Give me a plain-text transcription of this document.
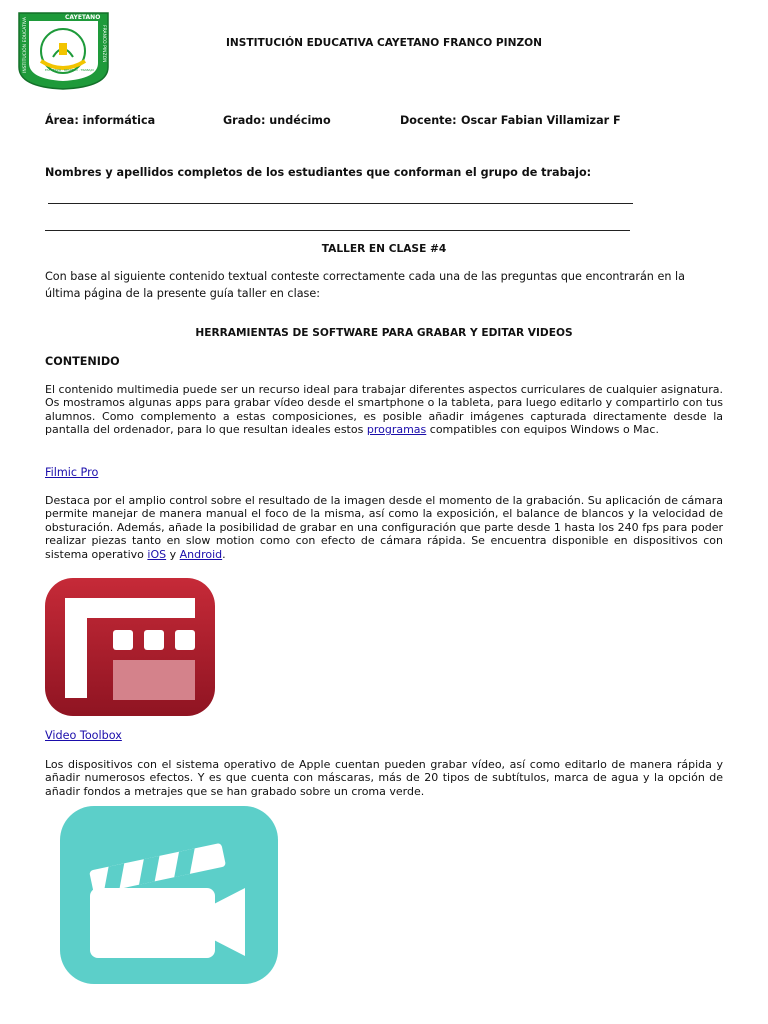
CAYETANO
SAN CALIXTO
INSTITUCIÓN EDUCATIVA	FRANCO PINZON
ESFUERZO · RESPETO · TRABAJO
INSTITUCIÓN EDUCATIVA CAYETANO FRANCO PINZON
Área: informática	Grado: undécimo	Docente: Oscar Fabian Villamizar F
Nombres y apellidos completos de los estudiantes que conforman el grupo de trabajo:
TALLER EN CLASE #4
Con base al siguiente contenido textual conteste correctamente cada una de las preguntas que encontrarán en la última página de la presente guía taller en clase:
HERRAMIENTAS DE SOFTWARE PARA GRABAR Y EDITAR VIDEOS
CONTENIDO
El contenido multimedia puede ser un recurso ideal para trabajar diferentes aspectos curriculares de cualquier asignatura. Os mostramos algunas apps para grabar vídeo desde el smartphone o la tableta, para luego editarlo y compartirlo con tus alumnos. Como complemento a estas composiciones, es posible añadir imágenes capturada directamente desde la pantalla del ordenador, para lo que resultan ideales estos programas compatibles con equipos Windows o Mac.
Filmic Pro
Destaca por el amplio control sobre el resultado de la imagen desde el momento de la grabación. Su aplicación de cámara permite manejar de manera manual el foco de la misma, así como la exposición, el balance de blancos y la velocidad de obsturación. Además, añade la posibilidad de grabar en una configuración que parte desde 1 hasta los 240 fps para poder realizar piezas tanto en slow motion como con efecto de cámara rápida. Se encuentra disponible en dispositivos con sistema operativo iOS y Android.
Video Toolbox
Los dispositivos con el sistema operativo de Apple cuentan pueden grabar vídeo, así como editarlo de manera rápida y añadir numerosos efectos. Y es que cuenta con máscaras, más de 20 tipos de subtítulos, marca de agua y la opción de añadir fondos a metrajes que se han grabado sobre un croma verde.
